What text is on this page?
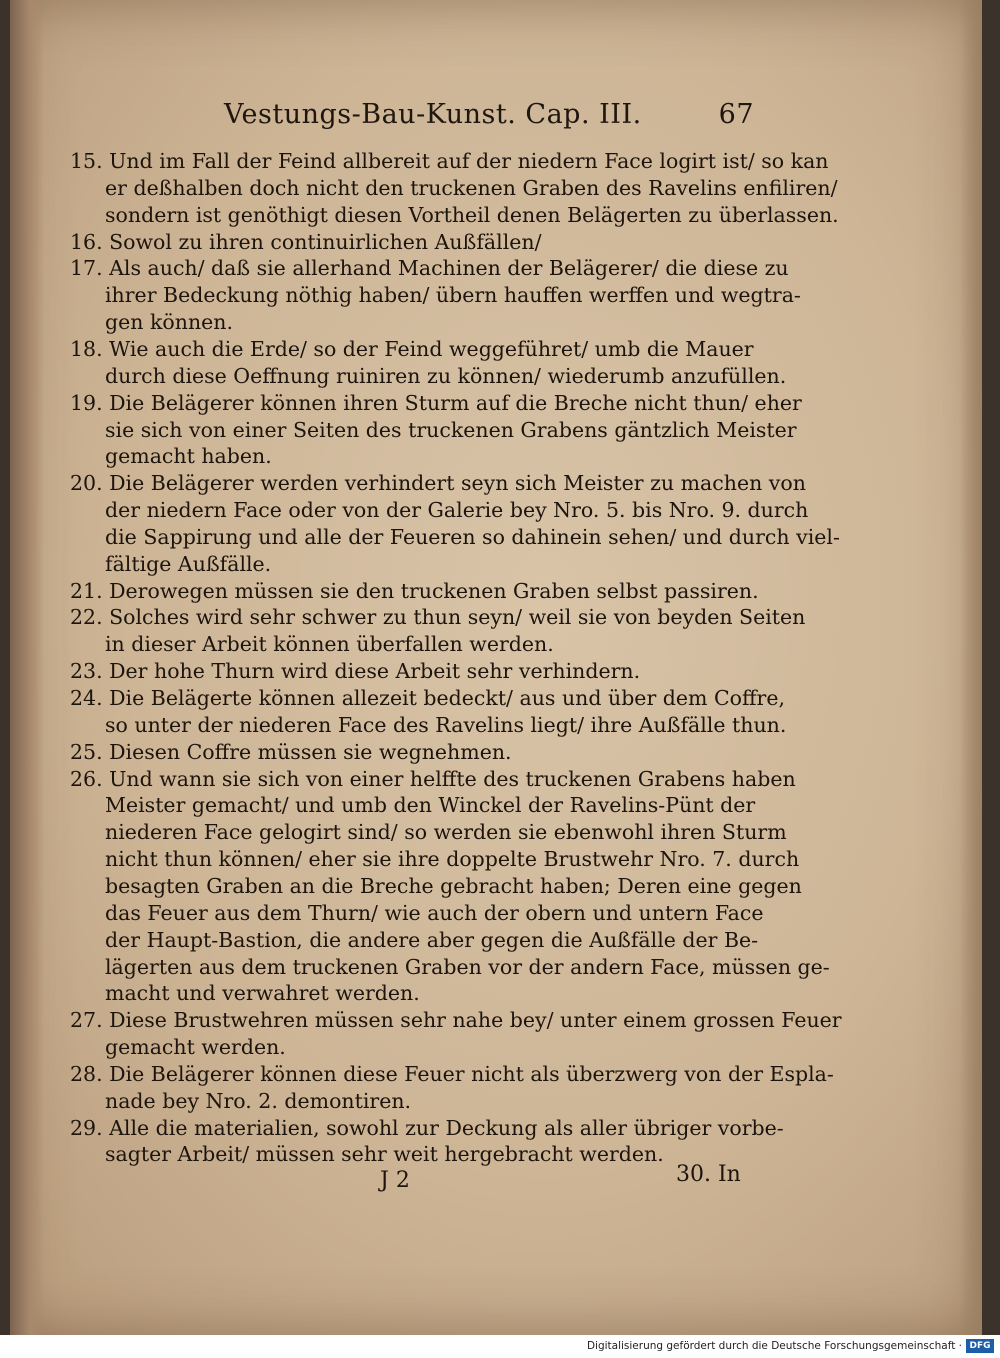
Vestungs-Bau-Kunst. Cap. III.	67
15. Und im Fall der Feind allbereit auf der niedern Face logirt ist/ so kan
er deßhalben doch nicht den truckenen Graben des Ravelins enfiliren/
sondern ist genöthigt diesen Vortheil denen Belägerten zu überlassen.
16. Sowol zu ihren continuirlichen Außfällen/
17. Als auch/ daß sie allerhand Machinen der Belägerer/ die diese zu
ihrer Bedeckung nöthig haben/ übern hauffen werffen und wegtra-
gen können.
18. Wie auch die Erde/ so der Feind weggeführet/ umb die Mauer
durch diese Oeffnung ruiniren zu können/ wiederumb anzufüllen.
19. Die Belägerer können ihren Sturm auf die Breche nicht thun/ eher
sie sich von einer Seiten des truckenen Grabens gäntzlich Meister
gemacht haben.
20. Die Belägerer werden verhindert seyn sich Meister zu machen von
der niedern Face oder von der Galerie bey Nro. 5. bis Nro. 9. durch
die Sappirung und alle der Feueren so dahinein sehen/ und durch viel-
fältige Außfälle.
21. Derowegen müssen sie den truckenen Graben selbst passiren.
22. Solches wird sehr schwer zu thun seyn/ weil sie von beyden Seiten
in dieser Arbeit können überfallen werden.
23. Der hohe Thurn wird diese Arbeit sehr verhindern.
24. Die Belägerte können allezeit bedeckt/ aus und über dem Coffre,
so unter der niederen Face des Ravelins liegt/ ihre Außfälle thun.
25. Diesen Coffre müssen sie wegnehmen.
26. Und wann sie sich von einer helffte des truckenen Grabens haben
Meister gemacht/ und umb den Winckel der Ravelins-Pünt der
niederen Face gelogirt sind/ so werden sie ebenwohl ihren Sturm
nicht thun können/ eher sie ihre doppelte Brustwehr Nro. 7. durch
besagten Graben an die Breche gebracht haben; Deren eine gegen
das Feuer aus dem Thurn/ wie auch der obern und untern Face
der Haupt-Bastion, die andere aber gegen die Außfälle der Be-
lägerten aus dem truckenen Graben vor der andern Face, müssen ge-
macht und verwahret werden.
27. Diese Brustwehren müssen sehr nahe bey/ unter einem grossen Feuer
gemacht werden.
28. Die Belägerer können diese Feuer nicht als überzwerg von der Espla-
nade bey Nro. 2. demontiren.
29. Alle die materialien, sowohl zur Deckung als aller übriger vorbe-
sagter Arbeit/ müssen sehr weit hergebracht werden.
J 2	30. In
Digitalisierung gefördert durch die Deutsche Forschungsgemeinschaft · DFG
